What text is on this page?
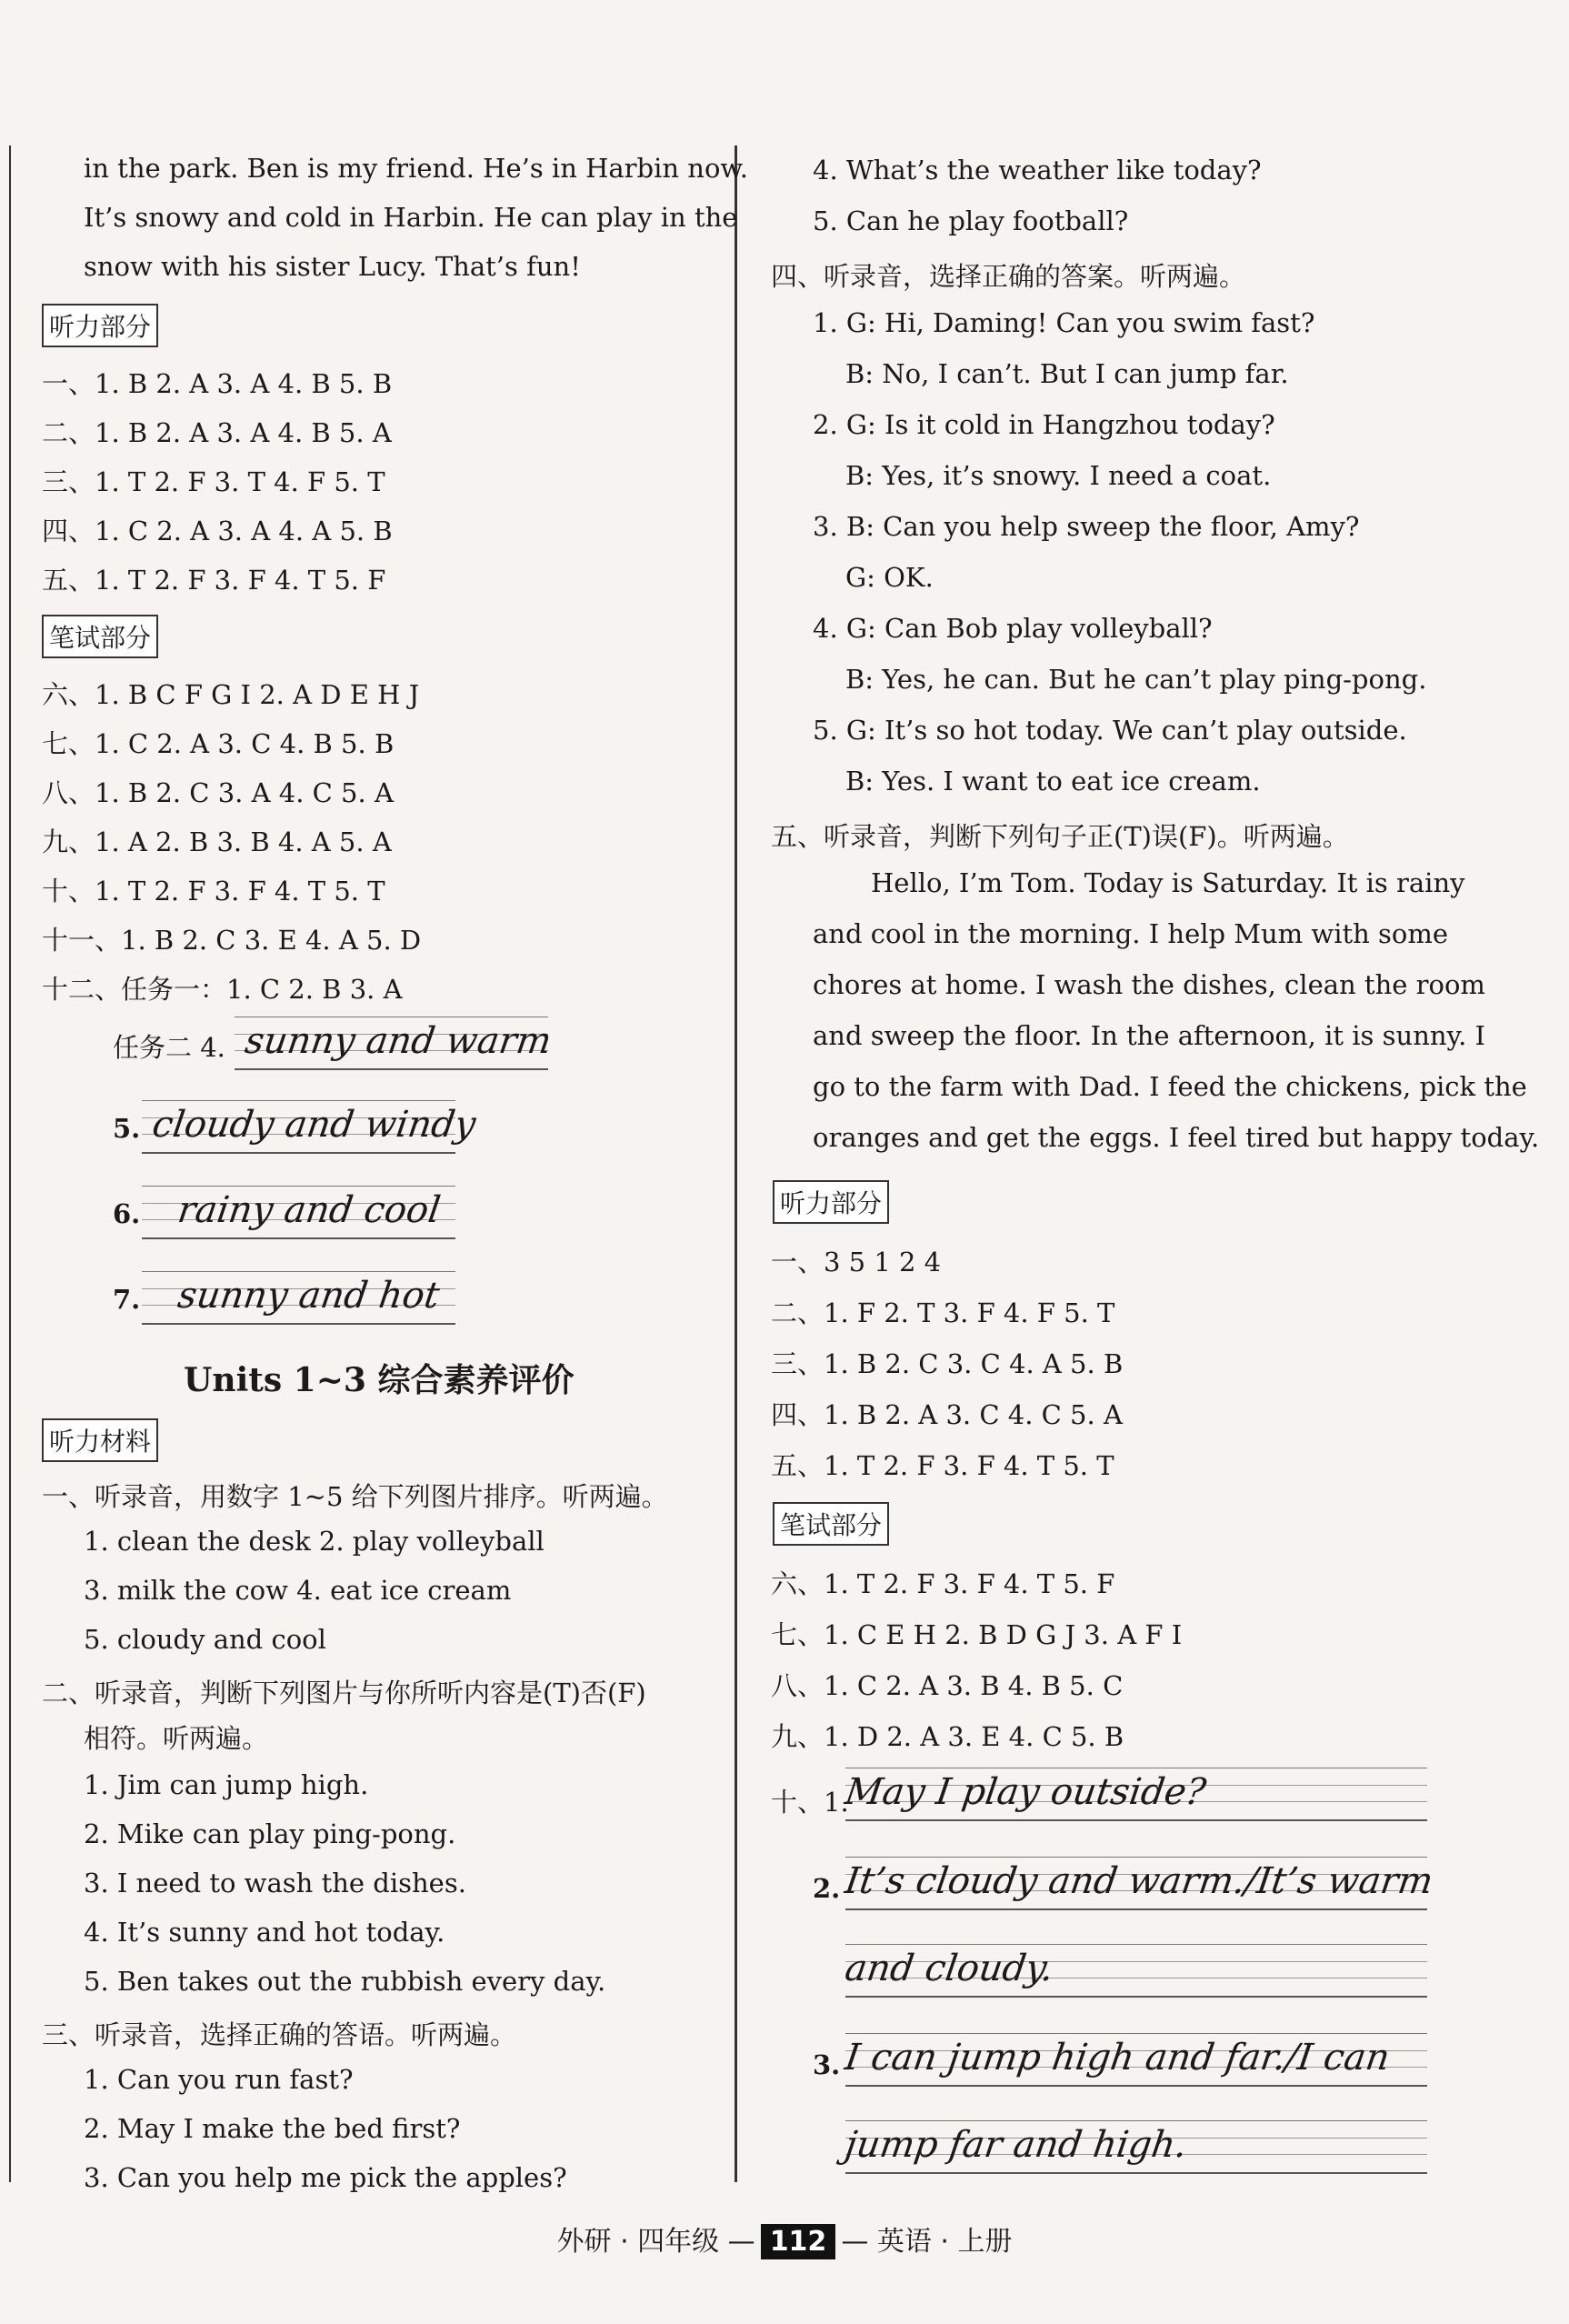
in the park. Ben is my friend. He’s in Harbin now.
It’s snowy and cold in Harbin. He can play in the
snow with his sister Lucy. That’s fun!
听力部分
一、1. B 2. A 3. A 4. B 5. B
二、1. B 2. A 3. A 4. B 5. A
三、1. T 2. F 3. T 4. F 5. T
四、1. C 2. A 3. A 4. A 5. B
五、1. T 2. F 3. F 4. T 5. F
笔试部分
六、1. B C F G I 2. A D E H J
七、1. C 2. A 3. C 4. B 5. B
八、1. B 2. C 3. A 4. C 5. A
九、1. A 2. B 3. B 4. A 5. A
十、1. T 2. F 3. F 4. T 5. T
十一、1. B 2. C 3. E 4. A 5. D
十二、任务一：1. C 2. B 3. A
任务二 4. sunny and warm
5. cloudy and windy
6. rainy and cool
7. sunny and hot
Units 1~3 综合素养评价
听力材料
一、听录音，用数字 1~5 给下列图片排序。听两遍。
1. clean the desk 2. play volleyball
3. milk the cow 4. eat ice cream
5. cloudy and cool
二、听录音，判断下列图片与你所听内容是(T)否(F)
相符。听两遍。
1. Jim can jump high.
2. Mike can play ping-pong.
3. I need to wash the dishes.
4. It’s sunny and hot today.
5. Ben takes out the rubbish every day.
三、听录音，选择正确的答语。听两遍。
1. Can you run fast?
2. May I make the bed first?
3. Can you help me pick the apples?
4. What’s the weather like today?
5. Can he play football?
四、听录音，选择正确的答案。听两遍。
1. G: Hi, Daming! Can you swim fast?
B: No, I can’t. But I can jump far.
2. G: Is it cold in Hangzhou today?
B: Yes, it’s snowy. I need a coat.
3. B: Can you help sweep the floor, Amy?
G: OK.
4. G: Can Bob play volleyball?
B: Yes, he can. But he can’t play ping-pong.
5. G: It’s so hot today. We can’t play outside.
B: Yes. I want to eat ice cream.
五、听录音，判断下列句子正(T)误(F)。听两遍。
Hello, I’m Tom. Today is Saturday. It is rainy
and cool in the morning. I help Mum with some
chores at home. I wash the dishes, clean the room
and sweep the floor. In the afternoon, it is sunny. I
go to the farm with Dad. I feed the chickens, pick the
oranges and get the eggs. I feel tired but happy today.
听力部分
一、3 5 1 2 4
二、1. F 2. T 3. F 4. F 5. T
三、1. B 2. C 3. C 4. A 5. B
四、1. B 2. A 3. C 4. C 5. A
五、1. T 2. F 3. F 4. T 5. T
笔试部分
六、1. T 2. F 3. F 4. T 5. F
七、1. C E H 2. B D G J 3. A F I
八、1. C 2. A 3. B 4. B 5. C
九、1. D 2. A 3. E 4. C 5. B
十、1.
May I play outside?
2. It’s cloudy and warm./It’s warm
and cloudy.
3. I can jump high and far./I can
jump far and high.
外研 · 四年级 — 112 — 英语 · 上册
